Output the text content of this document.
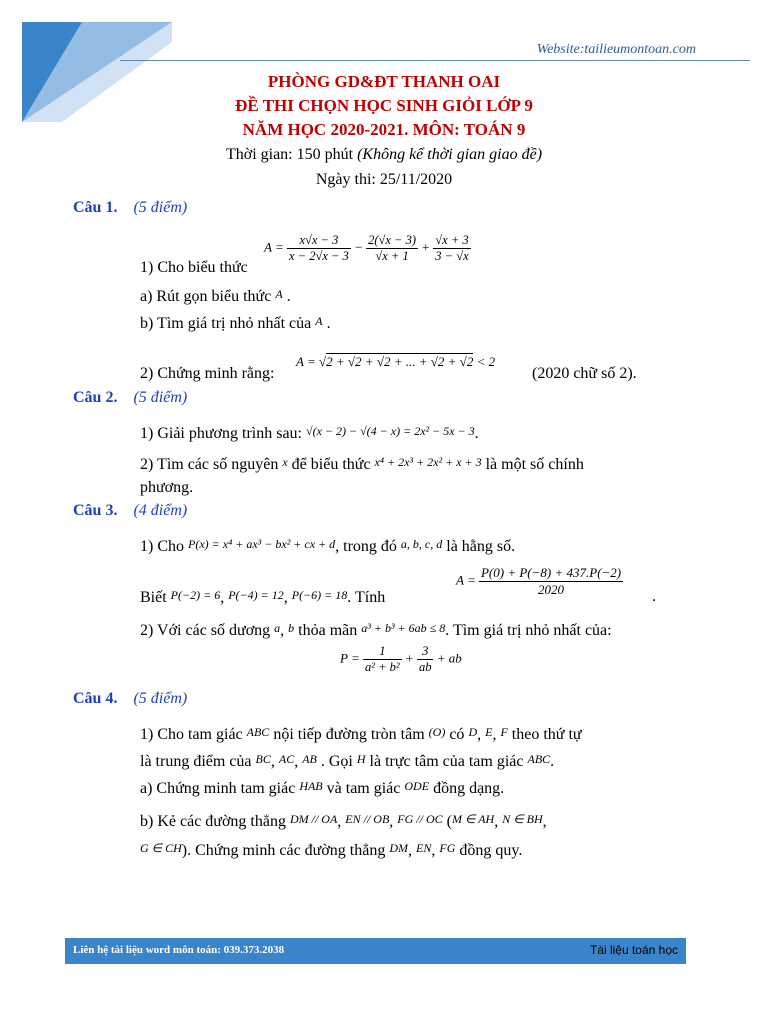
Website:tailieumontoan.com
PHÒNG GD&ĐT THANH OAI
ĐỀ THI CHỌN HỌC SINH GIỎI LỚP 9
NĂM HỌC 2020-2021. MÔN: TOÁN 9
Thời gian: 150 phút (Không kể thời gian giao đề)
Ngày thi: 25/11/2020
Câu 1. (5 điểm)
1) Cho biểu thức
$A = \frac{x√x - 3}{x - 2√x - 3} - \frac{2(√x - 3)}{√x + 1} + \frac{√x + 3}{3 - √x}$
a) Rút gọn biểu thức A .
b) Tìm giá trị nhỏ nhất của A .
2) Chứng minh rằng:
A = √2 + √2 + √2 + ... + √2 + √2 < 2
(2020 chữ số 2).
Câu 2. (5 điểm)
1) Giải phương trình sau: √(x − 2) − √(4 − x) = 2x² − 5x − 3.
2) Tìm các số nguyên x để biểu thức x⁴ + 2x³ + 2x² + x + 3 là một số chính
phương.
Câu 3. (4 điểm)
1) Cho P(x) = x⁴ + ax³ − bx² + cx + d, trong đó a, b, c, d là hằng số.
Biết P(−2) = 6, P(−4) = 12, P(−6) = 18. Tính
$A = \frac{P(0) + P(-8) + 437.P(-2)}{2020}$ .
2) Với các số dương a, b thỏa mãn a³ + b³ + 6ab ≤ 8. Tìm giá trị nhỏ nhất của:
$P = \frac{1}{\text{a² + b²}} + \frac{3}{ab}$ + ab
Câu 4. (5 điểm)
1) Cho tam giác ABC nội tiếp đường tròn tâm (O) có D, E, F theo thứ tự
là trung điểm của BC, AC, AB . Gọi H là trực tâm của tam giác ABC.
a) Chứng minh tam giác HAB và tam giác ODE đồng dạng.
b) Kẻ các đường thẳng DM // OA, EN // OB, FG // OC (M ∈ AH, N ∈ BH,
G ∈ CH). Chứng minh các đường thẳng DM, EN, FG đồng quy.
Liên hệ tài liệu word môn toán: 039.373.2038	Tài liệu toán học
